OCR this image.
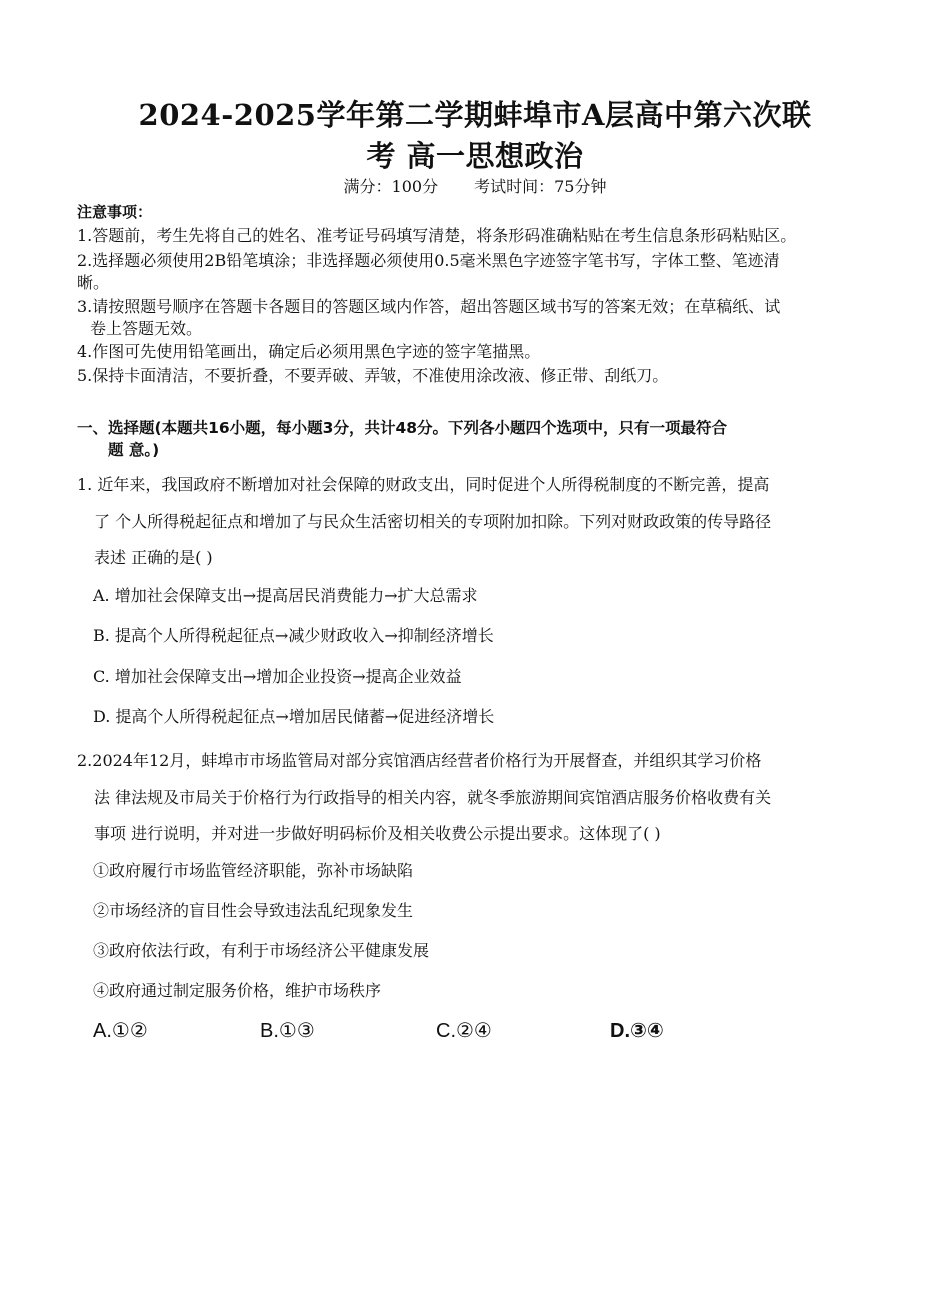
2024-2025学年第二学期蚌埠市A层高中第六次联
考 高一思想政治
满分：100分 考试时间：75分钟
注意事项：
1.答题前，考生先将自己的姓名、准考证号码填写清楚，将条形码准确粘贴在考生信息条形码粘贴区。
2.选择题必须使用2B铅笔填涂；非选择题必须使用0.5毫米黑色字迹签字笔书写，字体工整、笔迹清
晰。
3.请按照题号顺序在答题卡各题目的答题区域内作答，超出答题区域书写的答案无效；在草稿纸、试
卷上答题无效。
4.作图可先使用铅笔画出，确定后必须用黑色字迹的签字笔描黑。
5.保持卡面清洁，不要折叠，不要弄破、弄皱，不准使用涂改液、修正带、刮纸刀。
一、选择题(本题共16小题，每小题3分，共计48分。下列各小题四个选项中，只有一项最符合
题 意。)
1. 近年来，我国政府不断增加对社会保障的财政支出，同时促进个人所得税制度的不断完善，提高
了 个人所得税起征点和增加了与民众生活密切相关的专项附加扣除。下列对财政政策的传导路径
表述 正确的是( )
A. 增加社会保障支出→提高居民消费能力→扩大总需求
B. 提高个人所得税起征点→减少财政收入→抑制经济增长
C. 增加社会保障支出→增加企业投资→提高企业效益
D. 提高个人所得税起征点→增加居民储蓄→促进经济增长
2.2024年12月，蚌埠市市场监管局对部分宾馆酒店经营者价格行为开展督查，并组织其学习价格
法 律法规及市局关于价格行为行政指导的相关内容，就冬季旅游期间宾馆酒店服务价格收费有关
事项 进行说明，并对进一步做好明码标价及相关收费公示提出要求。这体现了( )
①政府履行市场监管经济职能，弥补市场缺陷
②市场经济的盲目性会导致违法乱纪现象发生
③政府依法行政，有利于市场经济公平健康发展
④政府通过制定服务价格，维护市场秩序
A.①②	B.①③	C.②④	D.③④
